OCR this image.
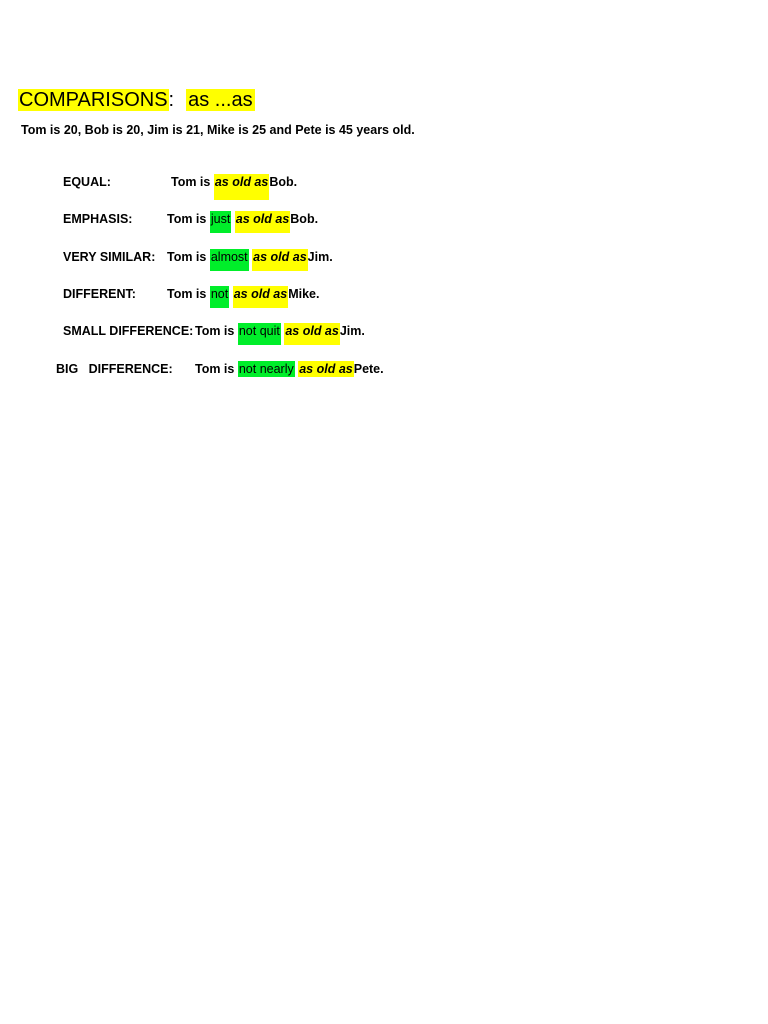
COMPARISONS: as ...as
Tom is 20, Bob is 20, Jim is 21, Mike is 25 and Pete is 45 years old.
EQUAL:	Tom is as old asBob.
EMPHASIS:	Tom is just as old asBob.
VERY SIMILAR: Tom is almost as old asJim.
DIFFERENT: Tom is not as old asMike.
SMALL DIFFERENCE: Tom is not quit as old asJim.
BIG   DIFFERENCE: Tom is not nearly as old asPete.
